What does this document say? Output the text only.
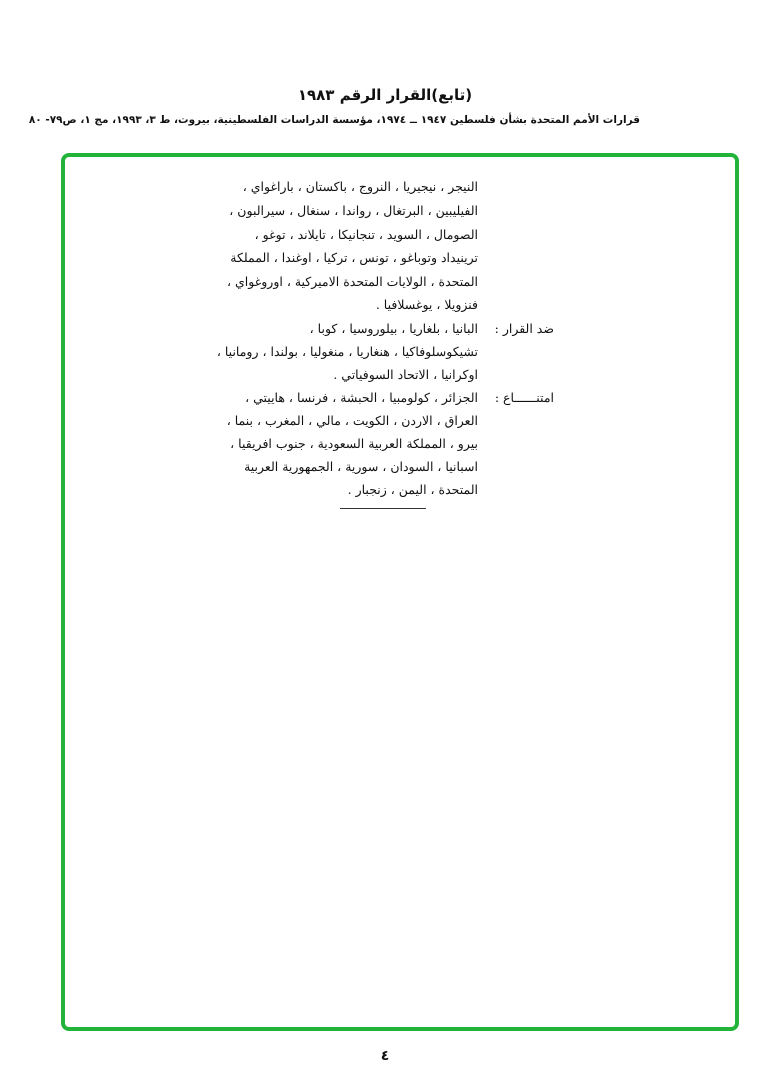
(تابع)القرار الرقم ١٩٨٣
قرارات الأمم المتحدة بشأن فلسطين ١٩٤٧ ــ ١٩٧٤، مؤسسة الدراسات الفلسطينية، بيروت، ط ٣، ١٩٩٣، مج ١، ص٧٩- ٨٠
النيجر ، نيجيريا ، النروج ، باكستان ، باراغواي ،
الفيليبين ، البرتغال ، رواندا ، سنغال ، سيرالبون ،
الصومال ، السويد ، تنجانيكا ، تايلاند ، توغو ،
ترينيداد وتوباغو ، تونس ، تركيا ، اوغندا ، المملكة
المتحدة ، الولايات المتحدة الاميركية ، اوروغواي ،
فنزويلا ، يوغسلافيا .
ضد القرار :
البانيا ، بلغاريا ، بيلوروسيا ، كوبا ،
تشيكوسلوفاكيا ، هنغاريا ، منغوليا ، بولندا ، رومانيا ،
اوكرانيا ، الاتحاد السوفياتي .
امتنــــــاع :
الجزائر ، كولومبيا ، الحبشة ، فرنسا ، هاييتي ،
العراق ، الاردن ، الكويت ، مالي ، المغرب ، بنما ،
بيرو ، المملكة العربية السعودية ، جنوب افريقيا ،
اسبانيا ، السودان ، سورية ، الجمهورية العربية
المتحدة ، اليمن ، زنجبار .
٤
